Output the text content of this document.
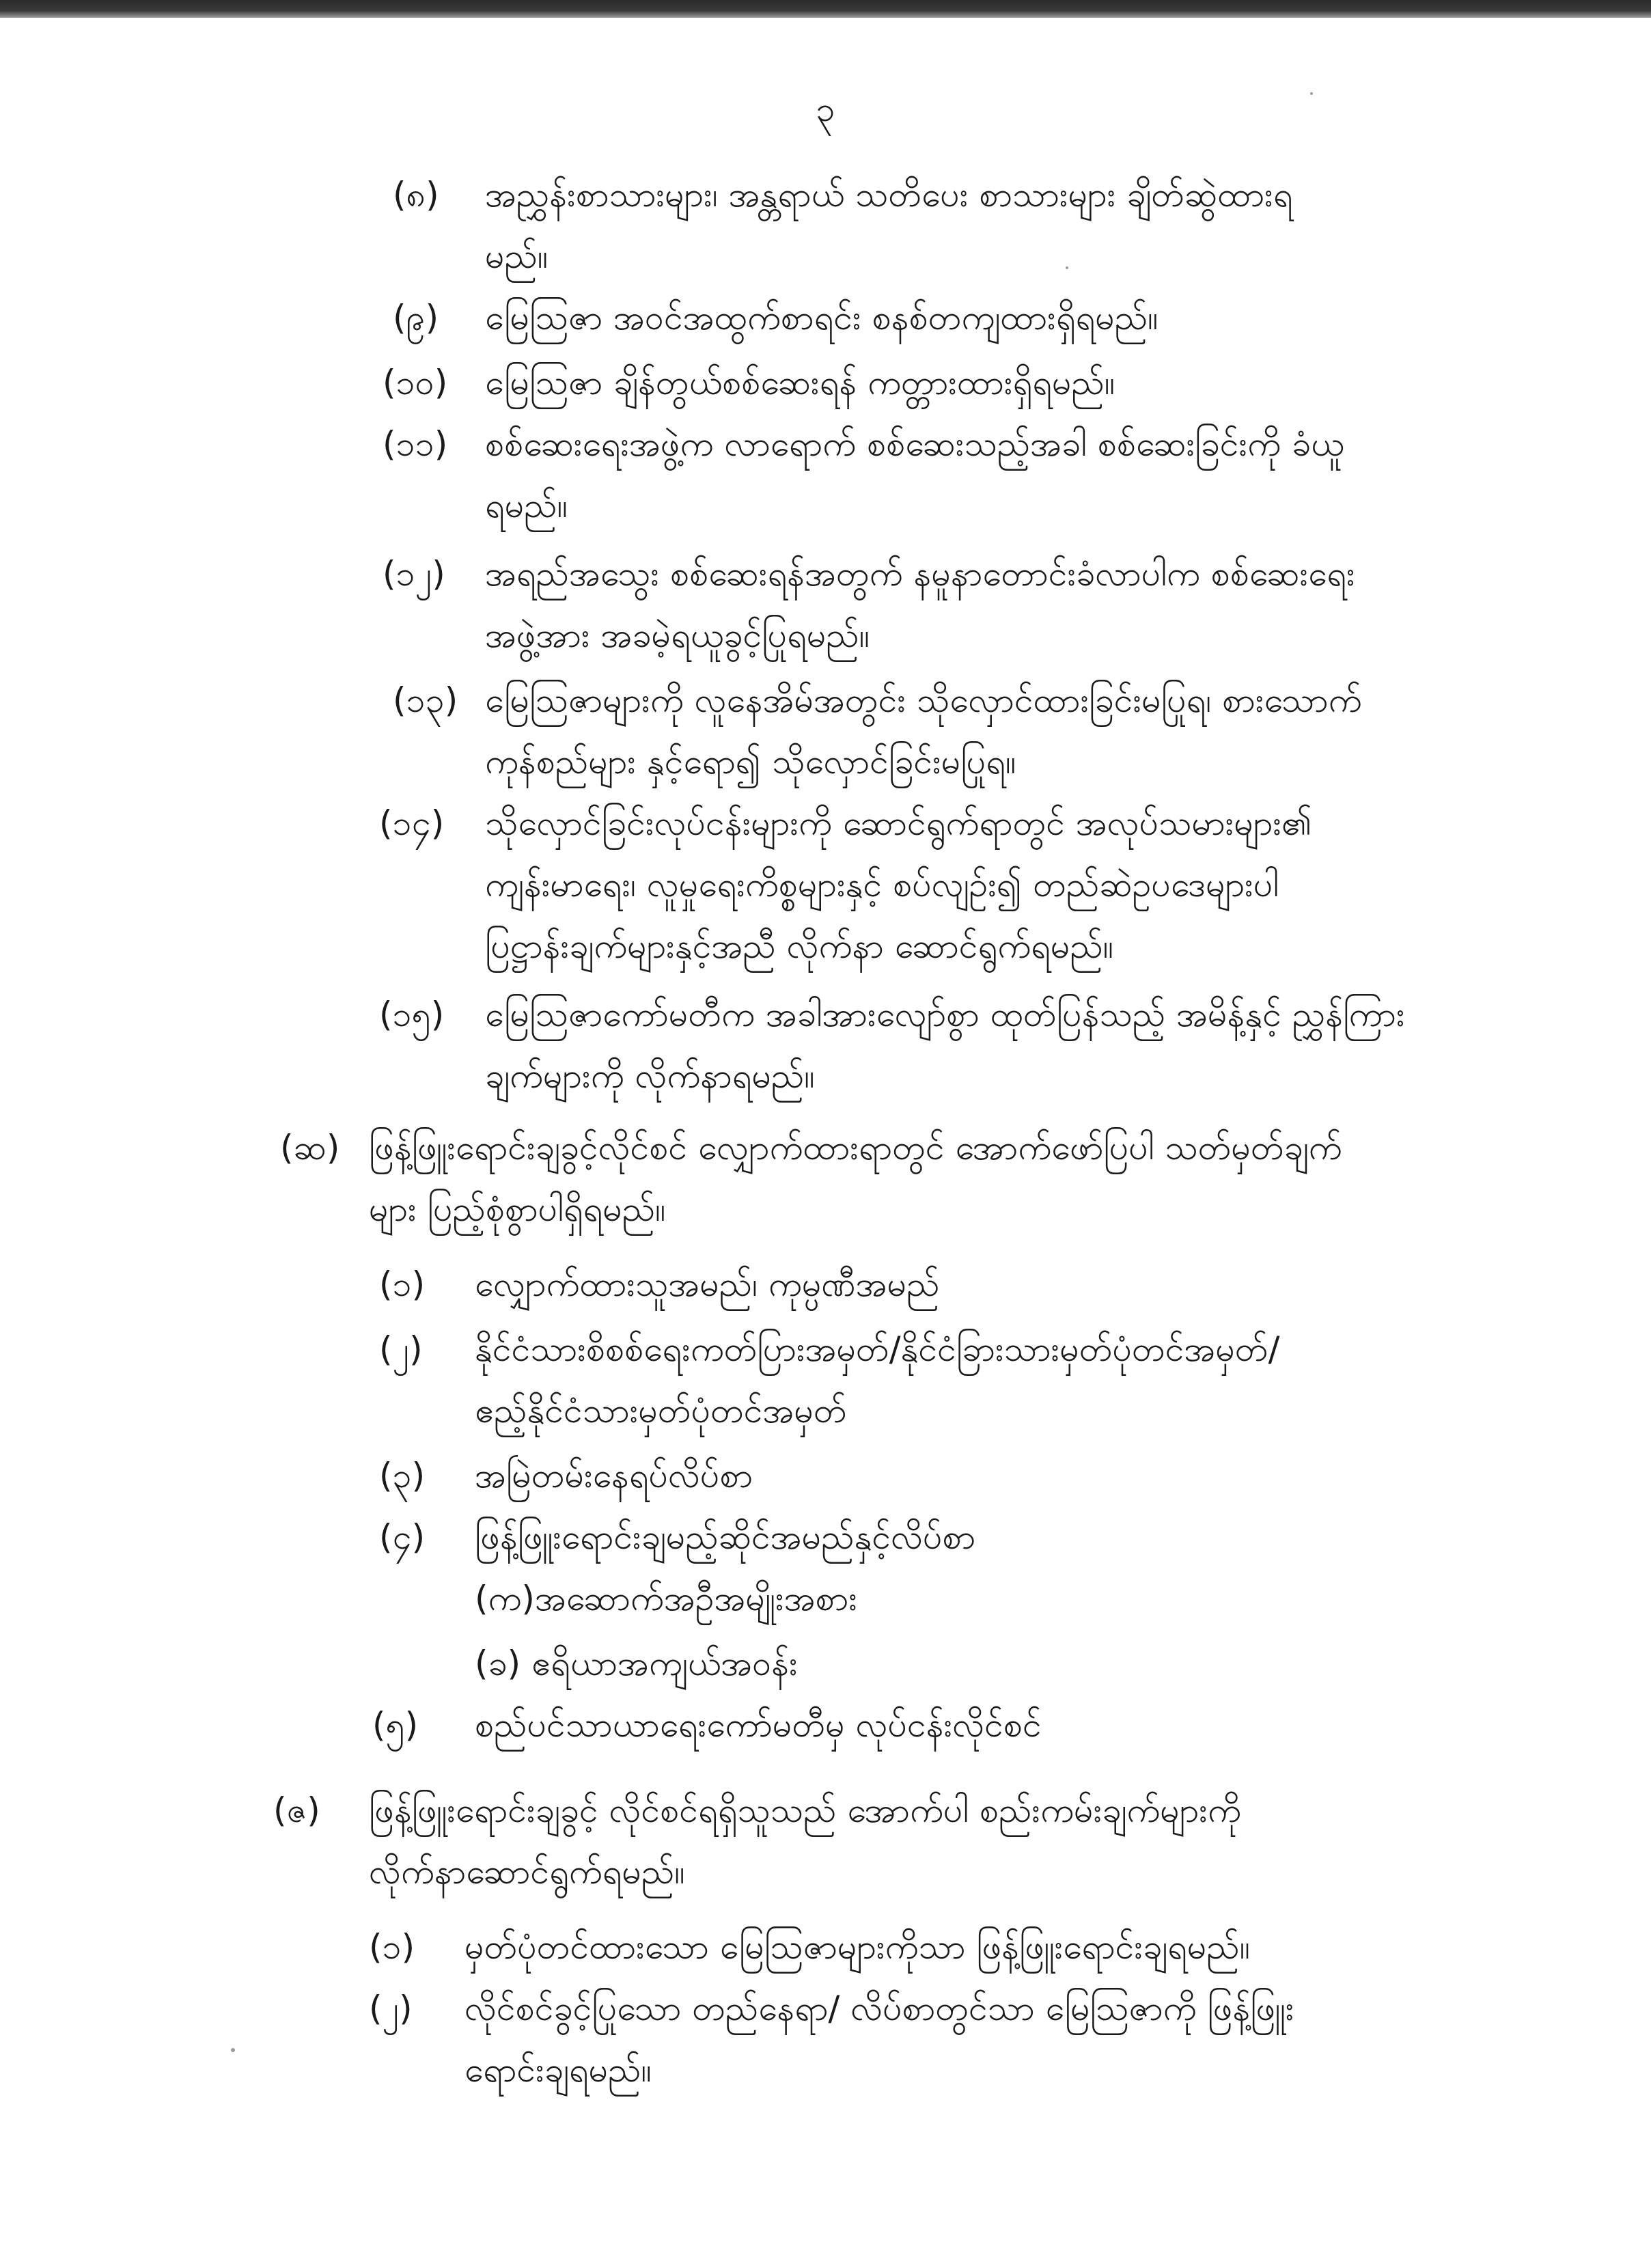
၃
(၈) အညွှန်းစာသားများ၊ အန္တရာယ် သတိပေး စာသားများ ချိတ်ဆွဲထားရ
မည်။
(၉) မြေသြဇာ အဝင်အထွက်စာရင်း စနစ်တကျထားရှိရမည်။
(၁၀) မြေသြဇာ ချိန်တွယ်စစ်ဆေးရန် ကတ္တားထားရှိရမည်။
(၁၁) စစ်ဆေးရေးအဖွဲ့က လာရောက် စစ်ဆေးသည့်အခါ စစ်ဆေးခြင်းကို ခံယူ
ရမည်။
(၁၂) အရည်အသွေး စစ်ဆေးရန်အတွက် နမူနာတောင်းခံလာပါက စစ်ဆေးရေး
အဖွဲ့အား အခမဲ့ရယူခွင့်ပြုရမည်။
(၁၃) မြေသြဇာများကို လူနေအိမ်အတွင်း သိုလှောင်ထားခြင်းမပြုရ၊ စားသောက်
ကုန်စည်များ နှင့်ရော၍ သိုလှောင်ခြင်းမပြုရ။
(၁၄) သိုလှောင်ခြင်းလုပ်ငန်းများကို ဆောင်ရွက်ရာတွင် အလုပ်သမားများ၏
ကျန်းမာရေး၊ လူမှုရေးကိစ္စများနှင့် စပ်လျဉ်း၍ တည်ဆဲဥပဒေများပါ
ပြဋ္ဌာန်းချက်များနှင့်အညီ လိုက်နာ ဆောင်ရွက်ရမည်။
(၁၅) မြေသြဇာကော်မတီက အခါအားလျော်စွာ ထုတ်ပြန်သည့် အမိန့်နှင့် ညွှန်ကြား
ချက်များကို လိုက်နာရမည်။
(ဆ) ဖြန့်ဖြူးရောင်းချခွင့်လိုင်စင် လျှောက်ထားရာတွင် အောက်ဖော်ပြပါ သတ်မှတ်ချက်
များ ပြည့်စုံစွာပါရှိရမည်။
(၁) လျှောက်ထားသူအမည်၊ ကုမ္ပဏီအမည်
(၂) နိုင်ငံသားစိစစ်ရေးကတ်ပြားအမှတ်/နိုင်ငံခြားသားမှတ်ပုံတင်အမှတ်/
ဧည့်နိုင်ငံသားမှတ်ပုံတင်အမှတ်
(၃) အမြဲတမ်းနေရပ်လိပ်စာ
(၄) ဖြန့်ဖြူးရောင်းချမည့်ဆိုင်အမည်နှင့်လိပ်စာ
(က)အဆောက်အဦအမျိုးအစား
(ခ) ဧရိယာအကျယ်အဝန်း
(၅) စည်ပင်သာယာရေးကော်မတီမှ လုပ်ငန်းလိုင်စင်
(ဇ) ဖြန့်ဖြူးရောင်းချခွင့် လိုင်စင်ရရှိသူသည် အောက်ပါ စည်းကမ်းချက်များကို
လိုက်နာဆောင်ရွက်ရမည်။
(၁) မှတ်ပုံတင်ထားသော မြေသြဇာများကိုသာ ဖြန့်ဖြူးရောင်းချရမည်။
(၂) လိုင်စင်ခွင့်ပြုသော တည်နေရာ/ လိပ်စာတွင်သာ မြေသြဇာကို ဖြန့်ဖြူး
ရောင်းချရမည်။
